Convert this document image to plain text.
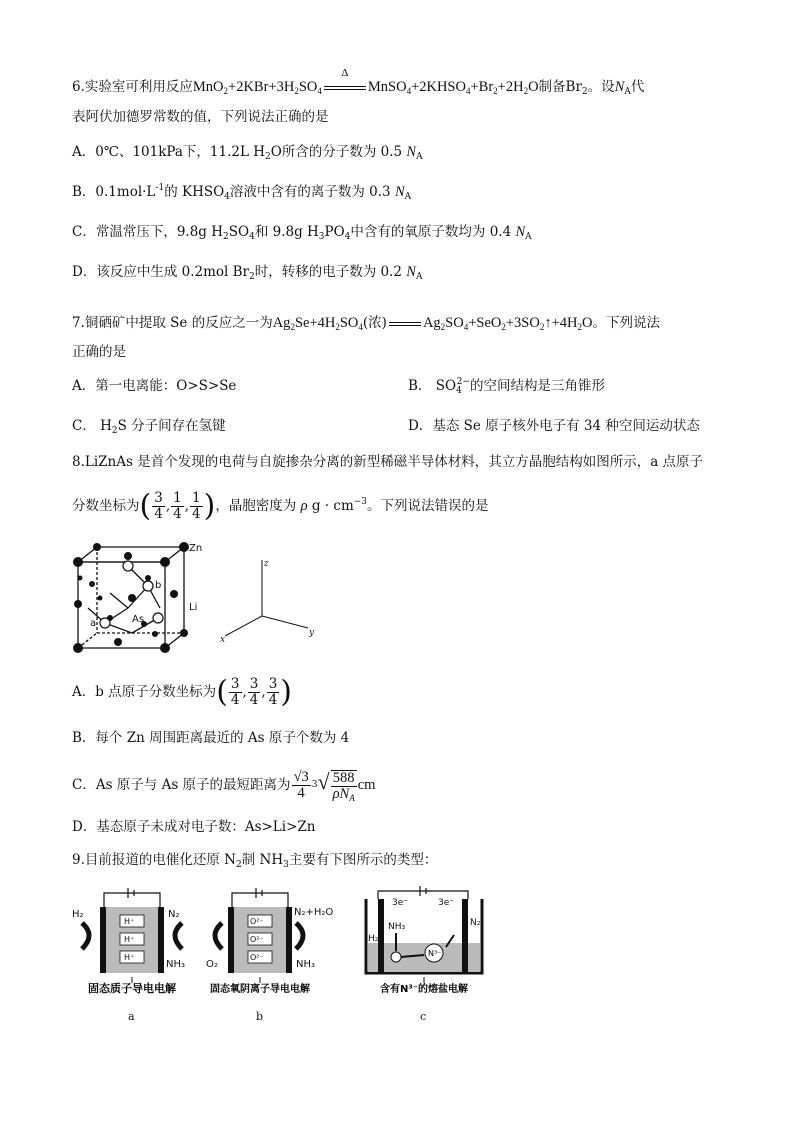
6.实验室可利用反应$MnO_2+2KBr+3H_2SO_4$
Δ
$MnSO_4+2KHSO_4+Br_2+2H_2O$制备$Br_2$。设$N_A$代
表阿伏加德罗常数的值，下列说法正确的是
A．0℃、101kPa下，11.2L $H_2O$所含的分子数为 0.5 $N_A$
B．$0.1mol\cdot L^{-1}$的 $KHSO_4$溶液中含有的离子数为 0.3 $N_A$
C．常温常压下，9.8g $H_2SO_4$和 9.8g $H_3PO_4$中含有的氧原子数均为 0.4 $N_A$
D．该反应中生成 0.2mol $Br_2$时，转移的电子数为 0.2 $N_A$
7.铜硒矿中提取 Se 的反应之一为$Ag_2Se+4H_2SO_4$(浓) $Ag_2SO_4+SeO_2+3SO_2↑+4H_2O$。下列说法
正确的是
A．第一电离能：O>S>Se	B． $SO_4^{2-}$的空间结构是三角锥形
C． $H_2S$ 分子间存在氢键	D．基态 Se 原子核外电子有 34 种空间运动状态
8.LiZnAs 是首个发现的电荷与自旋掺杂分离的新型稀磁半导体材料，其立方晶胞结构如图所示，a 点原子
分数坐标为( $\frac{3}{4}$ , $\frac{1}{4}$ , $\frac{1}{4}$ )，晶胞密度为 ρ $g \cdot cm^{-3}$。下列说法错误的是
Zn
Li
As
a
b
z
y
x
A．b 点原子分数坐标为( $\frac{3}{4}$ , $\frac{3}{4}$ , $\frac{3}{4}$ )
B．每个 Zn 周围距离最近的 As 原子个数为 4
C．As 原子与 As 原子的最短距离为 $\frac{√3}{4} ^3√ \frac{588}{\rho N_A}$ cm
D．基态原子未成对电子数：As>Li>Zn
9.目前报道的电催化还原 $N_2$制 $NH_3$主要有下图所示的类型：
H⁺
H⁺
H⁺
H₂	N₂
NH₃
固态质子导电电解
a
O²⁻
O²⁻
O²⁻
O₂
N₂+H₂O
NH₃
固态氧阴离子导电电解
b
3e⁻	3e⁻
NH₃
H₂
N₂
N³⁻
含有N³⁻的熔盐电解
c
